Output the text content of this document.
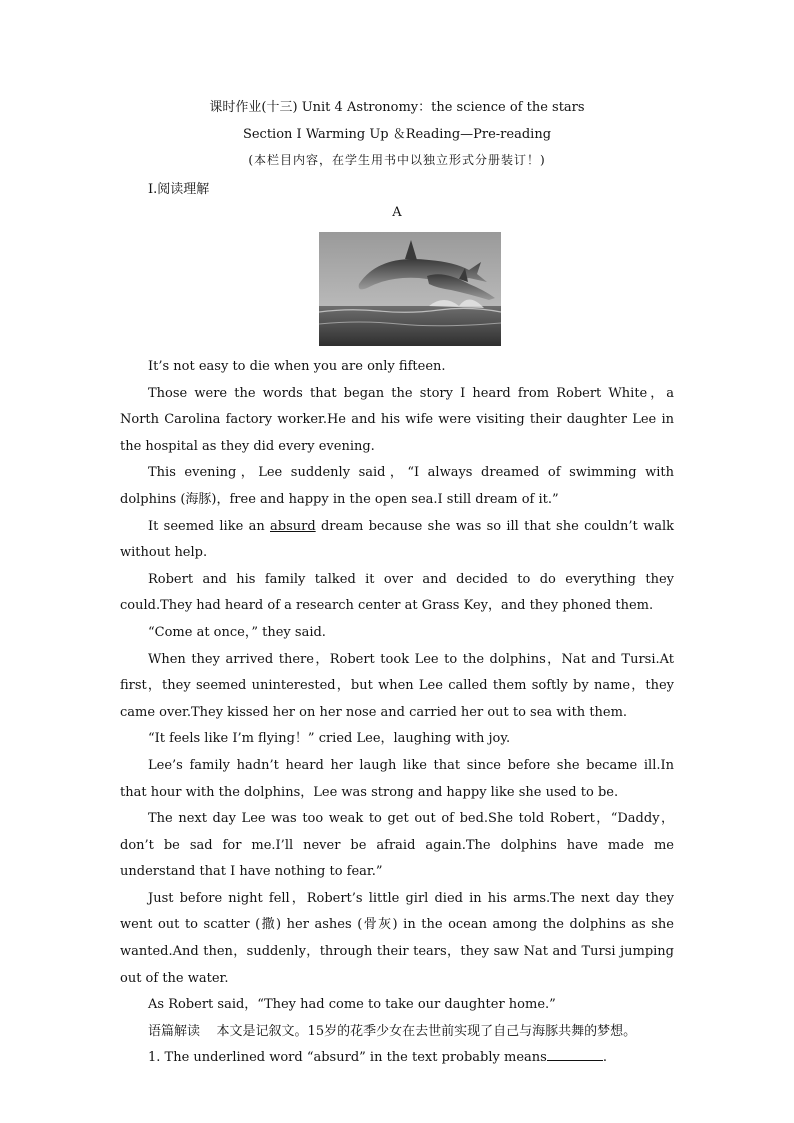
课时作业(十三) Unit 4 Astronomy：the science of the stars
Section Ⅰ Warming Up ＆Reading—Pre-reading
(本栏目内容，在学生用书中以独立形式分册装订！)
Ⅰ.阅读理解
A

It’s not easy to die when you are only fifteen.

Those were the words that began the story I heard from Robert White，a North Carolina factory worker.He and his wife were visiting their daughter Lee in the hospital as they did every evening.

This evening，Lee suddenly said，“I always dreamed of swimming with dolphins (海豚)，free and happy in the open sea.I still dream of it.”

It seemed like an absurd dream because she was so ill that she couldn’t walk without help.

Robert and his family talked it over and decided to do everything they could.They had heard of a research center at Grass Key，and they phoned them.

“Come at once，” they said.

When they arrived there，Robert took Lee to the dolphins，Nat and Tursi.At first，they seemed uninterested，but when Lee called them softly by name，they came over.They kissed her on her nose and carried her out to sea with them.

“It feels like I’m flying！” cried Lee，laughing with joy.

Lee’s family hadn’t heard her laugh like that since before she became ill.In that hour with the dolphins，Lee was strong and happy like she used to be.

The next day Lee was too weak to get out of bed.She told Robert，“Daddy，don’t be sad for me.I’ll never be afraid again.The dolphins have made me understand that I have nothing to fear.”

Just before night fell，Robert’s little girl died in his arms.The next day they went out to scatter (撒) her ashes (骨灰) in the ocean among the dolphins as she wanted.And then，suddenly，through their tears，they saw Nat and Tursi jumping out of the water.

As Robert said，“They had come to take our daughter home.”

语篇解读 本文是记叙文。15岁的花季少女在去世前实现了自己与海豚共舞的梦想。

1. The underlined word “absurd” in the text probably means	.
